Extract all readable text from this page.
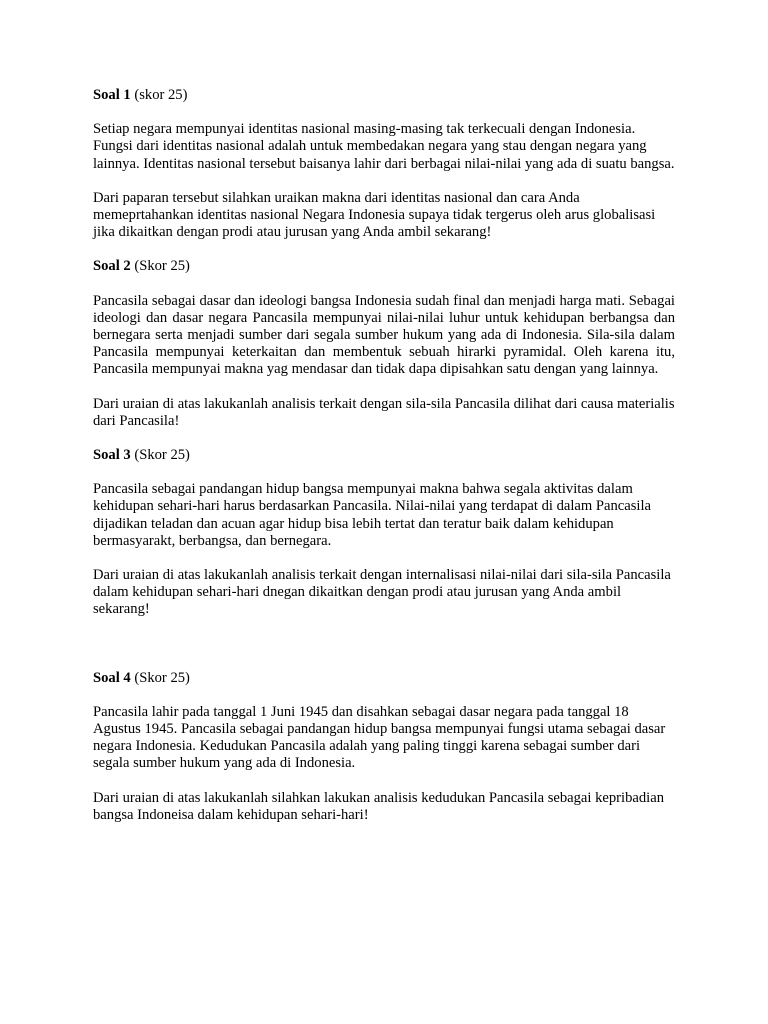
Soal 1 (skor 25)

Setiap negara mempunyai identitas nasional masing-masing tak terkecuali dengan Indonesia. Fungsi dari identitas nasional adalah untuk membedakan negara yang stau dengan negara yang lainnya. Identitas nasional tersebut baisanya lahir dari berbagai nilai-nilai yang ada di suatu bangsa.

Dari paparan tersebut silahkan uraikan makna dari identitas nasional dan cara Anda memeprtahankan identitas nasional Negara Indonesia supaya tidak tergerus oleh arus globalisasi jika dikaitkan dengan prodi atau jurusan yang Anda ambil sekarang!

Soal 2 (Skor 25)

Pancasila sebagai dasar dan ideologi bangsa Indonesia sudah final dan menjadi harga mati. Sebagai ideologi dan dasar negara Pancasila mempunyai nilai-nilai luhur untuk kehidupan berbangsa dan bernegara serta menjadi sumber dari segala sumber hukum yang ada di Indonesia. Sila-sila dalam Pancasila mempunyai keterkaitan dan membentuk sebuah hirarki pyramidal. Oleh karena itu, Pancasila mempunyai makna yag mendasar dan tidak dapa dipisahkan satu dengan yang lainnya.

Dari uraian di atas lakukanlah analisis terkait dengan sila-sila Pancasila dilihat dari causa materialis dari Pancasila!

Soal 3 (Skor 25)

Pancasila sebagai pandangan hidup bangsa mempunyai makna bahwa segala aktivitas dalam kehidupan sehari-hari harus berdasarkan Pancasila. Nilai-nilai yang terdapat di dalam Pancasila dijadikan teladan dan acuan agar hidup bisa lebih tertat dan teratur baik dalam kehidupan bermasyarakt, berbangsa, dan bernegara.

Dari uraian di atas lakukanlah analisis terkait dengan internalisasi nilai-nilai dari sila-sila Pancasila dalam kehidupan sehari-hari dnegan dikaitkan dengan prodi atau jurusan yang Anda ambil sekarang!

Soal 4 (Skor 25)

Pancasila lahir pada tanggal 1 Juni 1945 dan disahkan sebagai dasar negara pada tanggal 18 Agustus 1945. Pancasila sebagai pandangan hidup bangsa mempunyai fungsi utama sebagai dasar negara Indonesia. Kedudukan Pancasila adalah yang paling tinggi karena sebagai sumber dari segala sumber hukum yang ada di Indonesia.

Dari uraian di atas lakukanlah silahkan lakukan analisis kedudukan Pancasila sebagai kepribadian bangsa Indoneisa dalam kehidupan sehari-hari!
